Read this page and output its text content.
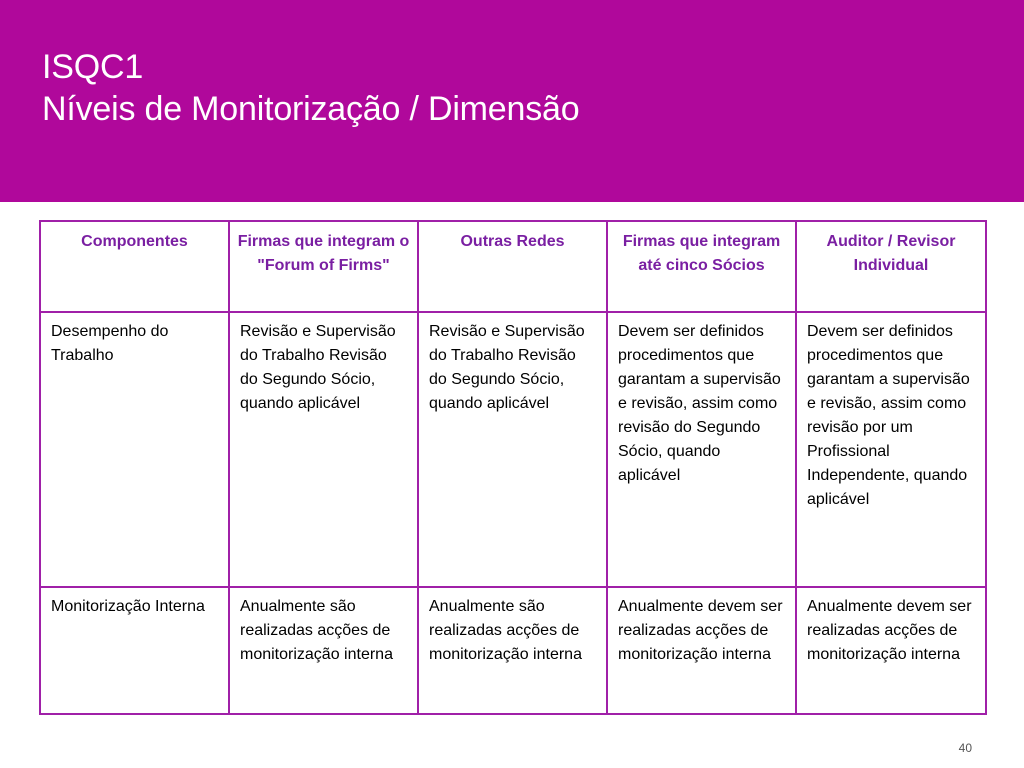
ISQC1
Níveis de Monitorização / Dimensão
Componentes	Firmas que integram o "Forum of Firms"	Outras Redes	Firmas que integram até cinco Sócios	Auditor / Revisor Individual
Desempenho do Trabalho	Revisão e Supervisão do Trabalho Revisão do Segundo Sócio, quando aplicável	Revisão e Supervisão do Trabalho Revisão do Segundo Sócio, quando aplicável	Devem ser definidos procedimentos que garantam a supervisão e revisão, assim como revisão do Segundo Sócio, quando aplicável	Devem ser definidos procedimentos que garantam a supervisão e revisão, assim como revisão por um Profissional Independente, quando aplicável
Monitorização Interna	Anualmente são realizadas acções de monitorização interna	Anualmente são realizadas acções de monitorização interna	Anualmente devem ser realizadas acções de monitorização interna	Anualmente devem ser realizadas acções de monitorização interna
40
